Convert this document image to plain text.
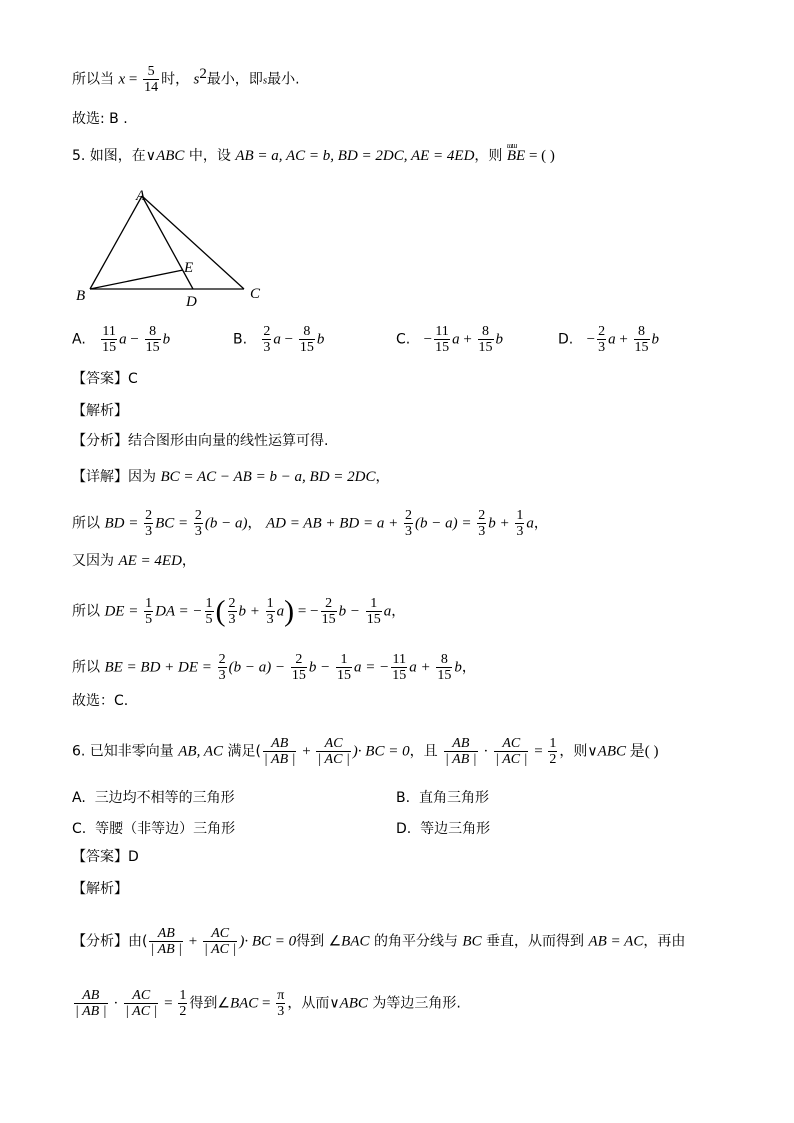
所以当 $x = \frac{5}{14}$ 时， $s^2$最小，即s最小.
故选: B .
5. 如图，在∨ABC 中，设 AB = a, AC = b, BD = 2DC, AE = 4ED，则 ɯɯ BE = ( )
A
B	C
D
E
A. $\frac{11}{15}$ $a - \frac{8}{15}$ b	B. $\frac{2}{3}$ $a - \frac{8}{15}$ b	C. − $\frac{11}{15}$ $a + \frac{8}{15}$ b	D. − $\frac{2}{3}$ $a + \frac{8}{15}$ b
【答案】C
【解析】
【分析】结合图形由向量的线性运算可得.
【详解】因为 BC = AC − AB = b − a, BD = 2DC，
所以 BD = $\frac{2}{3}$ BC = $\frac{2}{3} (b - a)$， AD = AB + BD = $a + \frac{2}{3} (b - a) = \frac{2}{3}$ $b + \frac{1}{3}$ a，
又因为 AE = 4ED，
所以 DE = $\frac{1}{5}$ DA = − $\frac{1}{5}$ ( $\frac{2}{3}$ $b + \frac{1}{3} a$) = − $\frac{2}{15}$ $b - \frac{1}{15}$ a，
所以 BE = BD + DE = $\frac{2}{3} (b - a) - \frac{2}{15}$ $b - \frac{1}{15}$ a = − $\frac{11}{15}$ $a + \frac{8}{15}$ b，
故选：C.
6. 已知非零向量 AB, AC 满足( $\frac{AB}{| AB |} + \frac{AC}{| AC |}$ )· BC = 0，且 $\frac{AB}{| AB |} \cdot \frac{AC}{| AC |} = \frac{1}{2}$ ，则∨ABC 是( )
A. 三边均不相等的三角形	B. 直角三角形
C. 等腰（非等边）三角形	D. 等边三角形
【答案】D
【解析】
【分析】由( $\frac{AB}{| AB |} + \frac{AC}{| AC |}$ )· BC = 0得到 ∠BAC 的角平分线与 BC 垂直，从而得到 AB = AC，再由
$\frac{AB}{| AB |} \cdot \frac{AC}{| AC |} = \frac{1}{2}$ 得到∠BAC = $\frac{\pi}{3}$ ，从而∨ABC 为等边三角形.
